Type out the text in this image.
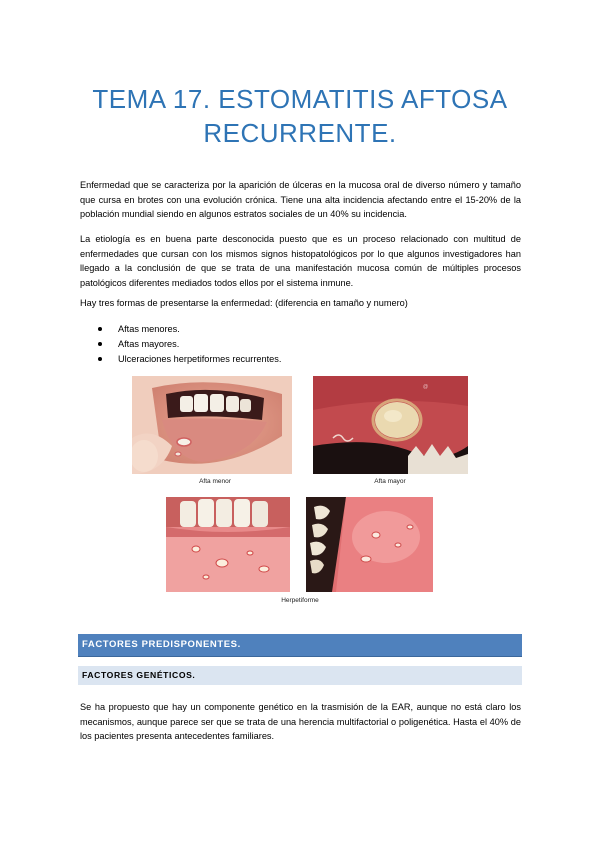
TEMA 17. ESTOMATITIS AFTOSA RECURRENTE.

Enfermedad que se caracteriza por la aparición de úlceras en la mucosa oral de diverso número y tamaño que cursa en brotes con una evolución crónica. Tiene una alta incidencia afectando entre el 15-20% de la población mundial siendo en algunos estratos sociales de un 40% su incidencia.

La etiología es en buena parte desconocida puesto que es un proceso relacionado con multitud de enfermedades que cursan con los mismos signos histopatológicos por lo que algunos investigadores han llegado a la conclusión de que se trata de una manifestación mucosa común de múltiples procesos patológicos diferentes mediados todos ellos por el sistema inmune.

Hay tres formas de presentarse la enfermedad: (diferencia en tamaño y numero)

Aftas menores.
Aftas mayores.
Ulceraciones herpetiformes recurrentes.
@
Afta menor	Afta mayor
Herpetiforme
FACTORES PREDISPONENTES.
FACTORES GENÉTICOS.

Se ha propuesto que hay un componente genético en la trasmisión de la EAR, aunque no está claro los mecanismos, aunque parece ser que se trata de una herencia multifactorial o poligenética. Hasta el 40% de los pacientes presenta antecedentes familiares.
